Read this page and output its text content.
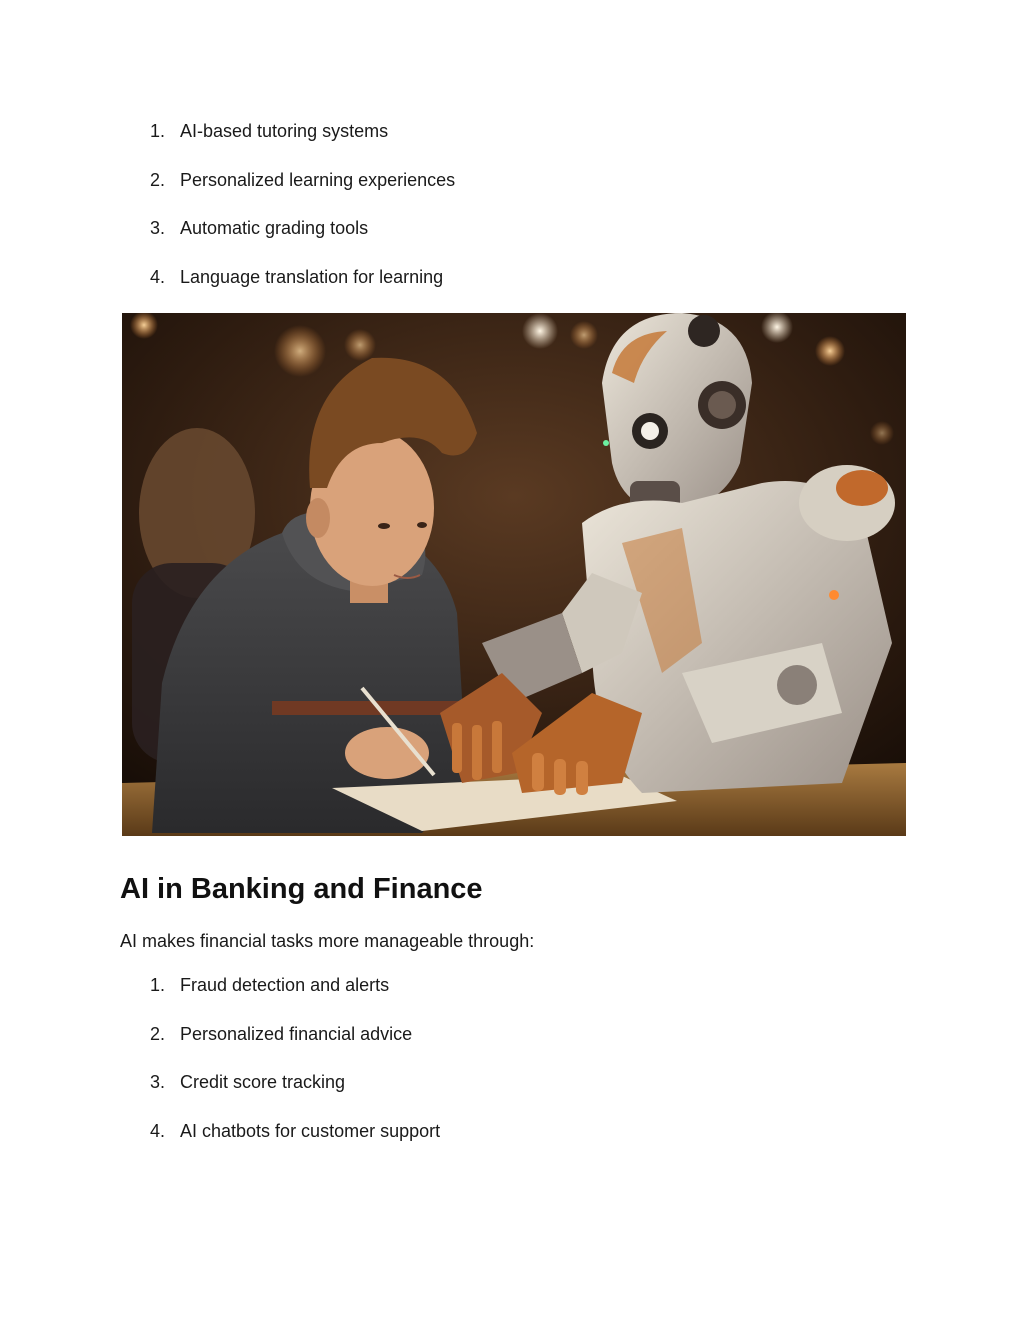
1. AI-based tutoring systems
2. Personalized learning experiences
3. Automatic grading tools
4. Language translation for learning
AI in Banking and Finance

AI makes financial tasks more manageable through:

1. Fraud detection and alerts
2. Personalized financial advice
3. Credit score tracking
4. AI chatbots for customer support
